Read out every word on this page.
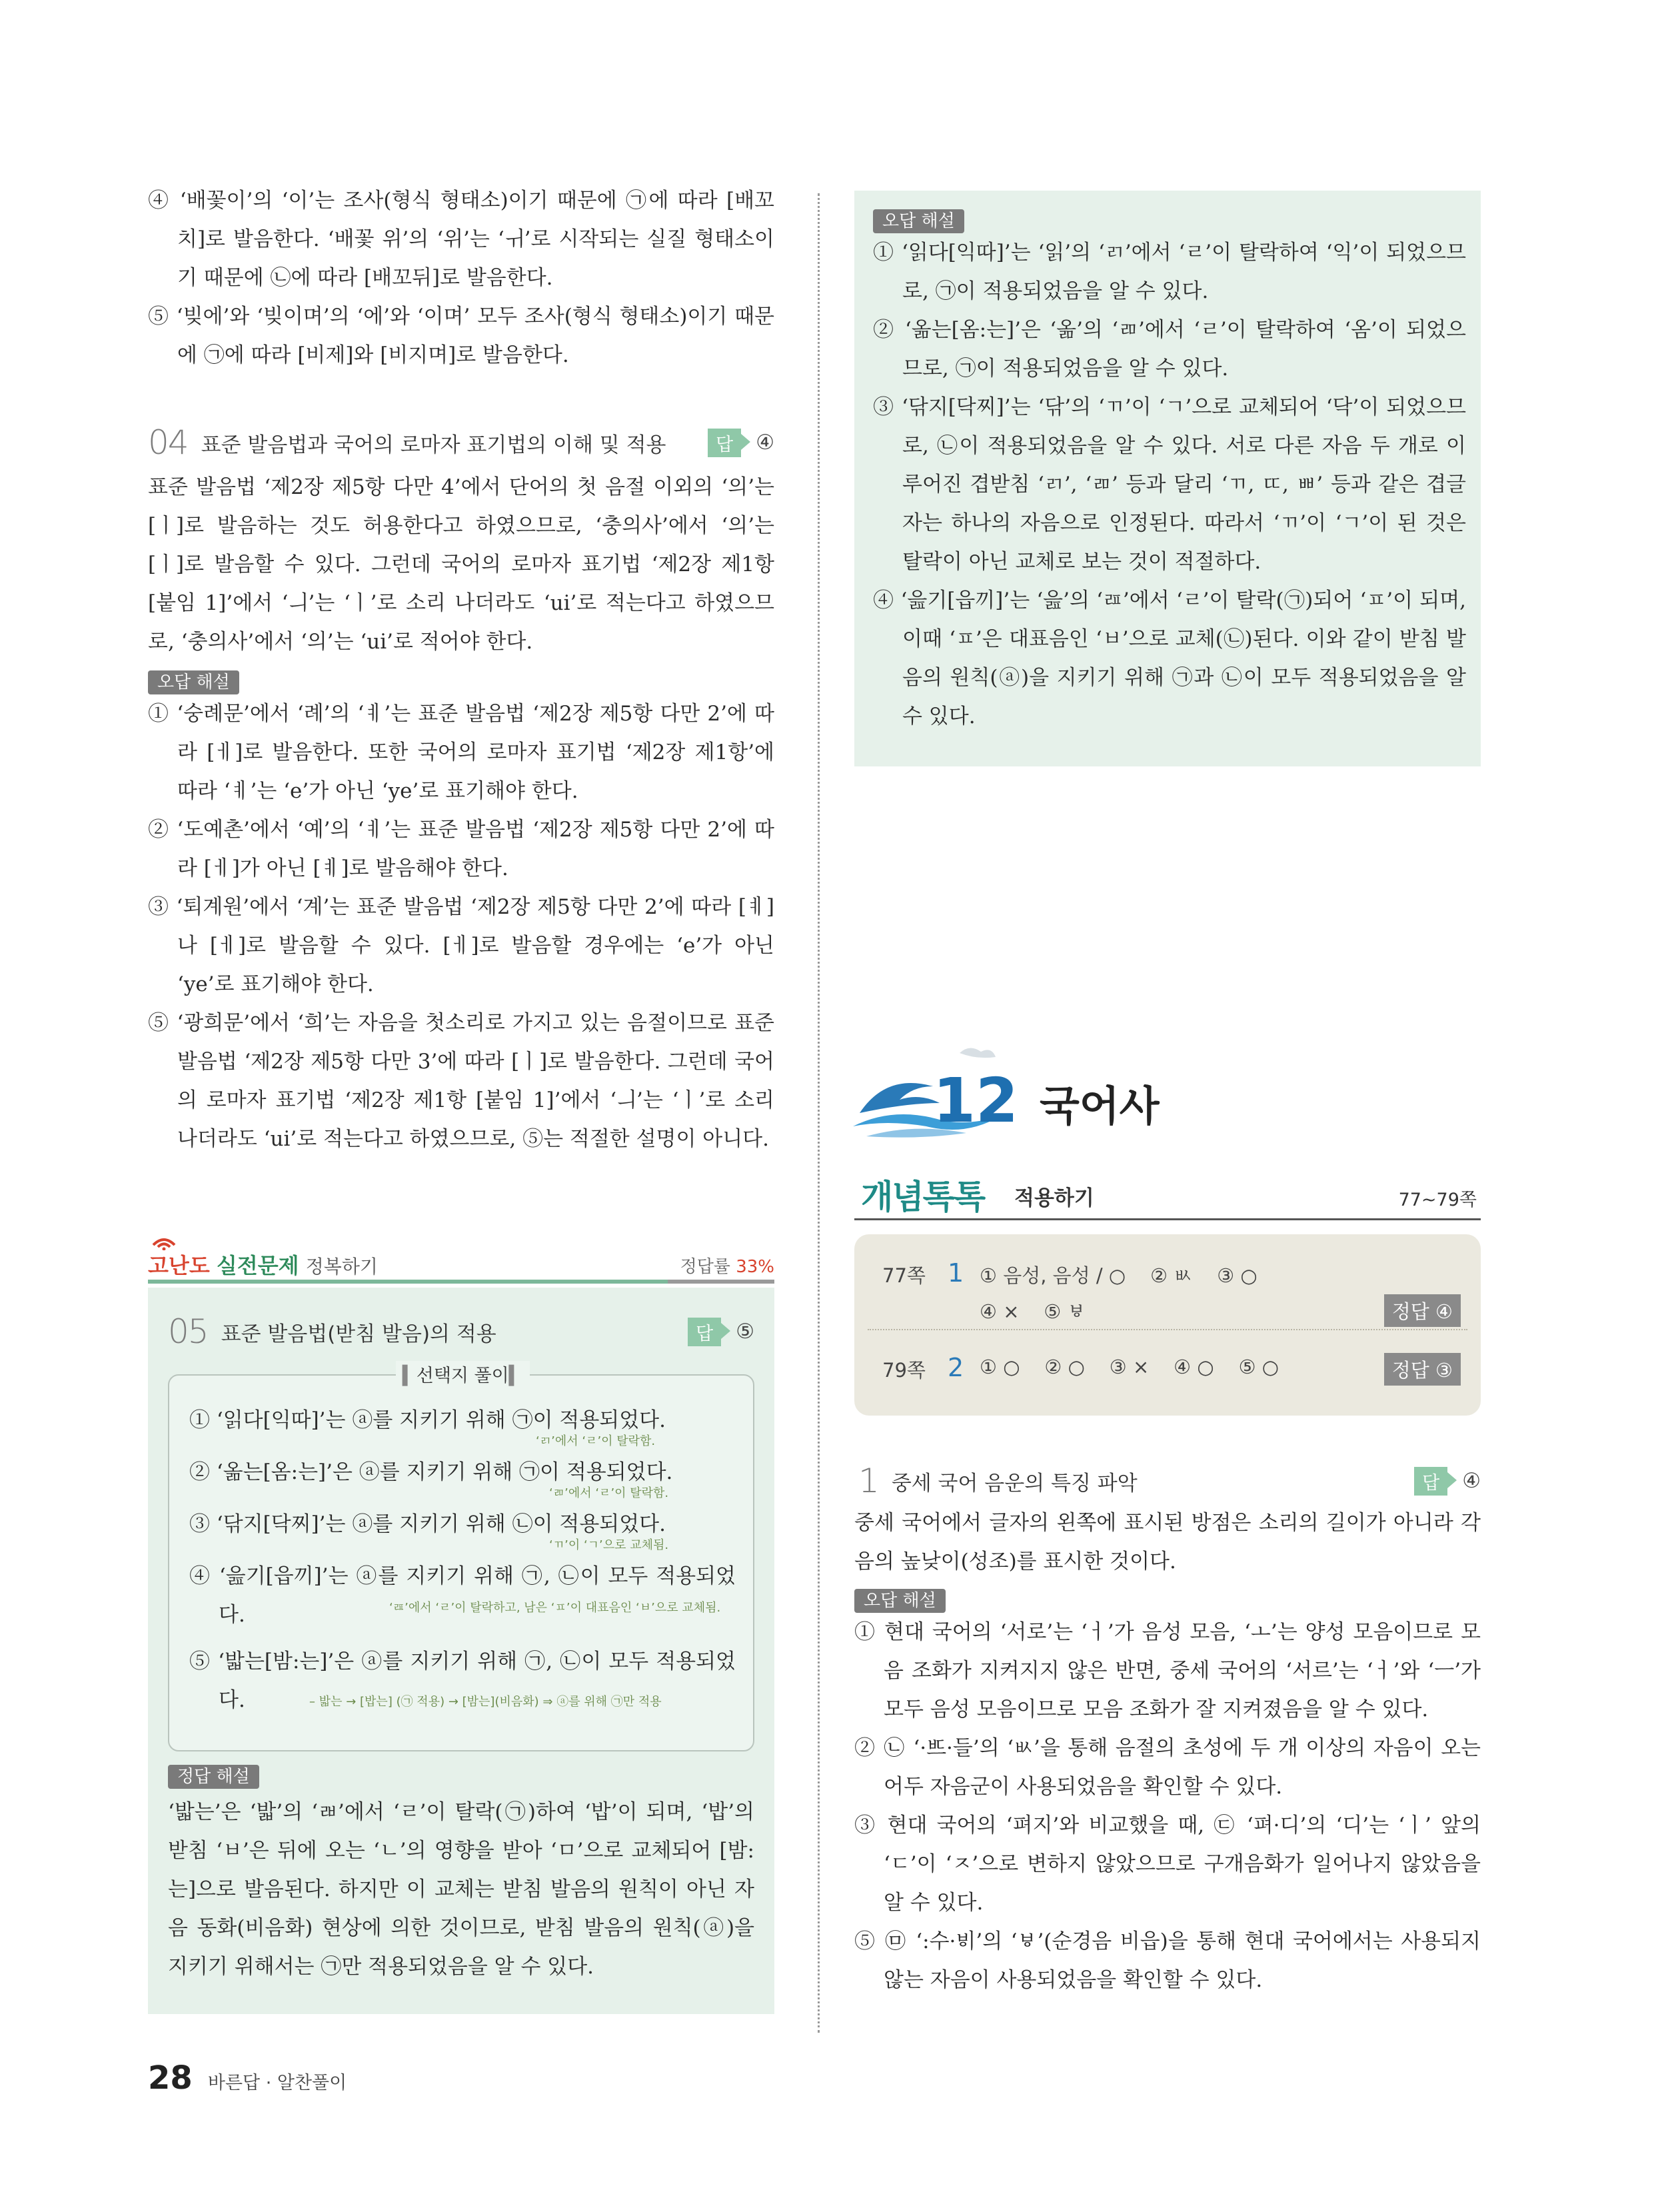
④ ‘배꽃이’의 ‘이’는 조사(형식 형태소)이기 때문에 ㉠에 따라 [배꼬치]로 발음한다. ‘배꽃 위’의 ‘위’는 ‘ㅟ’로 시작되는 실질 형태소이기 때문에 ㉡에 따라 [배꼬뒤]로 발음한다.

⑤ ‘빚에’와 ‘빚이며’의 ‘에’와 ‘이며’ 모두 조사(형식 형태소)이기 때문에 ㉠에 따라 [비제]와 [비지며]로 발음한다.

04 표준 발음법과 국어의 로마자 표기법의 이해 및 적용	답	④

표준 발음법 ‘제2장 제5항 다만 4’에서 단어의 첫 음절 이외의 ‘의’는 [ㅣ]로 발음하는 것도 허용한다고 하였으므로, ‘충의사’에서 ‘의’는 [ㅣ]로 발음할 수 있다. 그런데 국어의 로마자 표기법 ‘제2장 제1항 [붙임 1]’에서 ‘ㅢ’는 ‘ㅣ’로 소리 나더라도 ‘ui’로 적는다고 하였으므로, ‘충의사’에서 ‘의’는 ‘ui’로 적어야 한다.

오답 해설

① ‘숭례문’에서 ‘례’의 ‘ㅖ’는 표준 발음법 ‘제2장 제5항 다만 2’에 따라 [ㅔ]로 발음한다. 또한 국어의 로마자 표기법 ‘제2장 제1항’에 따라 ‘ㅖ’는 ‘e’가 아닌 ‘ye’로 표기해야 한다.

② ‘도예촌’에서 ‘예’의 ‘ㅖ’는 표준 발음법 ‘제2장 제5항 다만 2’에 따라 [ㅔ]가 아닌 [ㅖ]로 발음해야 한다.

③ ‘퇴계원’에서 ‘계’는 표준 발음법 ‘제2장 제5항 다만 2’에 따라 [ㅖ]나 [ㅔ]로 발음할 수 있다. [ㅔ]로 발음할 경우에는 ‘e’가 아닌 ‘ye’로 표기해야 한다.

⑤ ‘광희문’에서 ‘희’는 자음을 첫소리로 가지고 있는 음절이므로 표준 발음법 ‘제2장 제5항 다만 3’에 따라 [ㅣ]로 발음한다. 그런데 국어의 로마자 표기법 ‘제2장 제1항 [붙임 1]’에서 ‘ㅢ’는 ‘ㅣ’로 소리 나더라도 ‘ui’로 적는다고 하였으므로, ⑤는 적절한 설명이 아니다.

고난도 실전문제 정복하기	정답률 33%
05 표준 발음법(받침 발음)의 적용	답	⑤
▍선택지 풀이▍

① ‘읽다[익따]’는 ⓐ를 지키기 위해 ㉠이 적용되었다.

‘ㄺ’에서 ‘ㄹ’이 탈락함.

② ‘옮는[옴:는]’은 ⓐ를 지키기 위해 ㉠이 적용되었다.

‘ㄻ’에서 ‘ㄹ’이 탈락함.

③ ‘닦지[닥찌]’는 ⓐ를 지키기 위해 ㉡이 적용되었다.

‘ㄲ’이 ‘ㄱ’으로 교체됨.

④ ‘읊기[읍끼]’는 ⓐ를 지키기 위해 ㉠, ㉡이 모두 적용되었다.	‘ㄿ’에서 ‘ㄹ’이 탈락하고, 남은 ‘ㅍ’이 대표음인 ‘ㅂ’으로 교체됨.

⑤ ‘밟는[밤:는]’은 ⓐ를 지키기 위해 ㉠, ㉡이 모두 적용되었다.	– 밟는 → [밥는] (㉠ 적용) → [밤는](비음화) ⇒ ⓐ를 위해 ㉠만 적용
정답 해설

‘밟는’은 ‘밟’의 ‘ㄼ’에서 ‘ㄹ’이 탈락(㉠)하여 ‘밥’이 되며, ‘밥’의 받침 ‘ㅂ’은 뒤에 오는 ‘ㄴ’의 영향을 받아 ‘ㅁ’으로 교체되어 [밤:는]으로 발음된다. 하지만 이 교체는 받침 발음의 원칙이 아닌 자음 동화(비음화) 현상에 의한 것이므로, 받침 발음의 원칙(ⓐ)을 지키기 위해서는 ㉠만 적용되었음을 알 수 있다.

28 바른답 · 알찬풀이
오답 해설

① ‘읽다[익따]’는 ‘읽’의 ‘ㄺ’에서 ‘ㄹ’이 탈락하여 ‘익’이 되었으므로, ㉠이 적용되었음을 알 수 있다.

② ‘옮는[옴:는]’은 ‘옮’의 ‘ㄻ’에서 ‘ㄹ’이 탈락하여 ‘옴’이 되었으므로, ㉠이 적용되었음을 알 수 있다.

③ ‘닦지[닥찌]’는 ‘닦’의 ‘ㄲ’이 ‘ㄱ’으로 교체되어 ‘닥’이 되었으므로, ㉡이 적용되었음을 알 수 있다. 서로 다른 자음 두 개로 이루어진 겹받침 ‘ㄺ’, ‘ㄻ’ 등과 달리 ‘ㄲ, ㄸ, ㅃ’ 등과 같은 겹글자는 하나의 자음으로 인정된다. 따라서 ‘ㄲ’이 ‘ㄱ’이 된 것은 탈락이 아닌 교체로 보는 것이 적절하다.

④ ‘읊기[읍끼]’는 ‘읊’의 ‘ㄿ’에서 ‘ㄹ’이 탈락(㉠)되어 ‘ㅍ’이 되며, 이때 ‘ㅍ’은 대표음인 ‘ㅂ’으로 교체(㉡)된다. 이와 같이 받침 발음의 원칙(ⓐ)을 지키기 위해 ㉠과 ㉡이 모두 적용되었음을 알 수 있다.

12 국어사
개념톡톡 적용하기	77~79쪽
77쪽 1 ① 음성, 음성 / ○    ② ㅄ    ③ ○
④ ×    ⑤ ㅸ	정답 ④
79쪽 2 ① ○    ② ○    ③ ×    ④ ○    ⑤ ○	정답 ③
1 중세 국어 음운의 특징 파악	답	④

중세 국어에서 글자의 왼쪽에 표시된 방점은 소리의 길이가 아니라 각 음의 높낮이(성조)를 표시한 것이다.

오답 해설

① 현대 국어의 ‘서로’는 ‘ㅓ’가 음성 모음, ‘ㅗ’는 양성 모음이므로 모음 조화가 지켜지지 않은 반면, 중세 국어의 ‘서르’는 ‘ㅓ’와 ‘ㅡ’가 모두 음성 모음이므로 모음 조화가 잘 지켜졌음을 알 수 있다.

② ㉡ ‘·ᄠᅳ·들’의 ‘ㅄ’을 통해 음절의 초성에 두 개 이상의 자음이 오는 어두 자음군이 사용되었음을 확인할 수 있다.

③ 현대 국어의 ‘펴지’와 비교했을 때, ㉢ ‘펴·디’의 ‘디’는 ‘ㅣ’ 앞의 ‘ㄷ’이 ‘ㅈ’으로 변하지 않았으므로 구개음화가 일어나지 않았음을 알 수 있다.

⑤ ㉤ ‘:수·ᄫᅵ’의 ‘ㅸ’(순경음 비읍)을 통해 현대 국어에서는 사용되지 않는 자음이 사용되었음을 확인할 수 있다.
